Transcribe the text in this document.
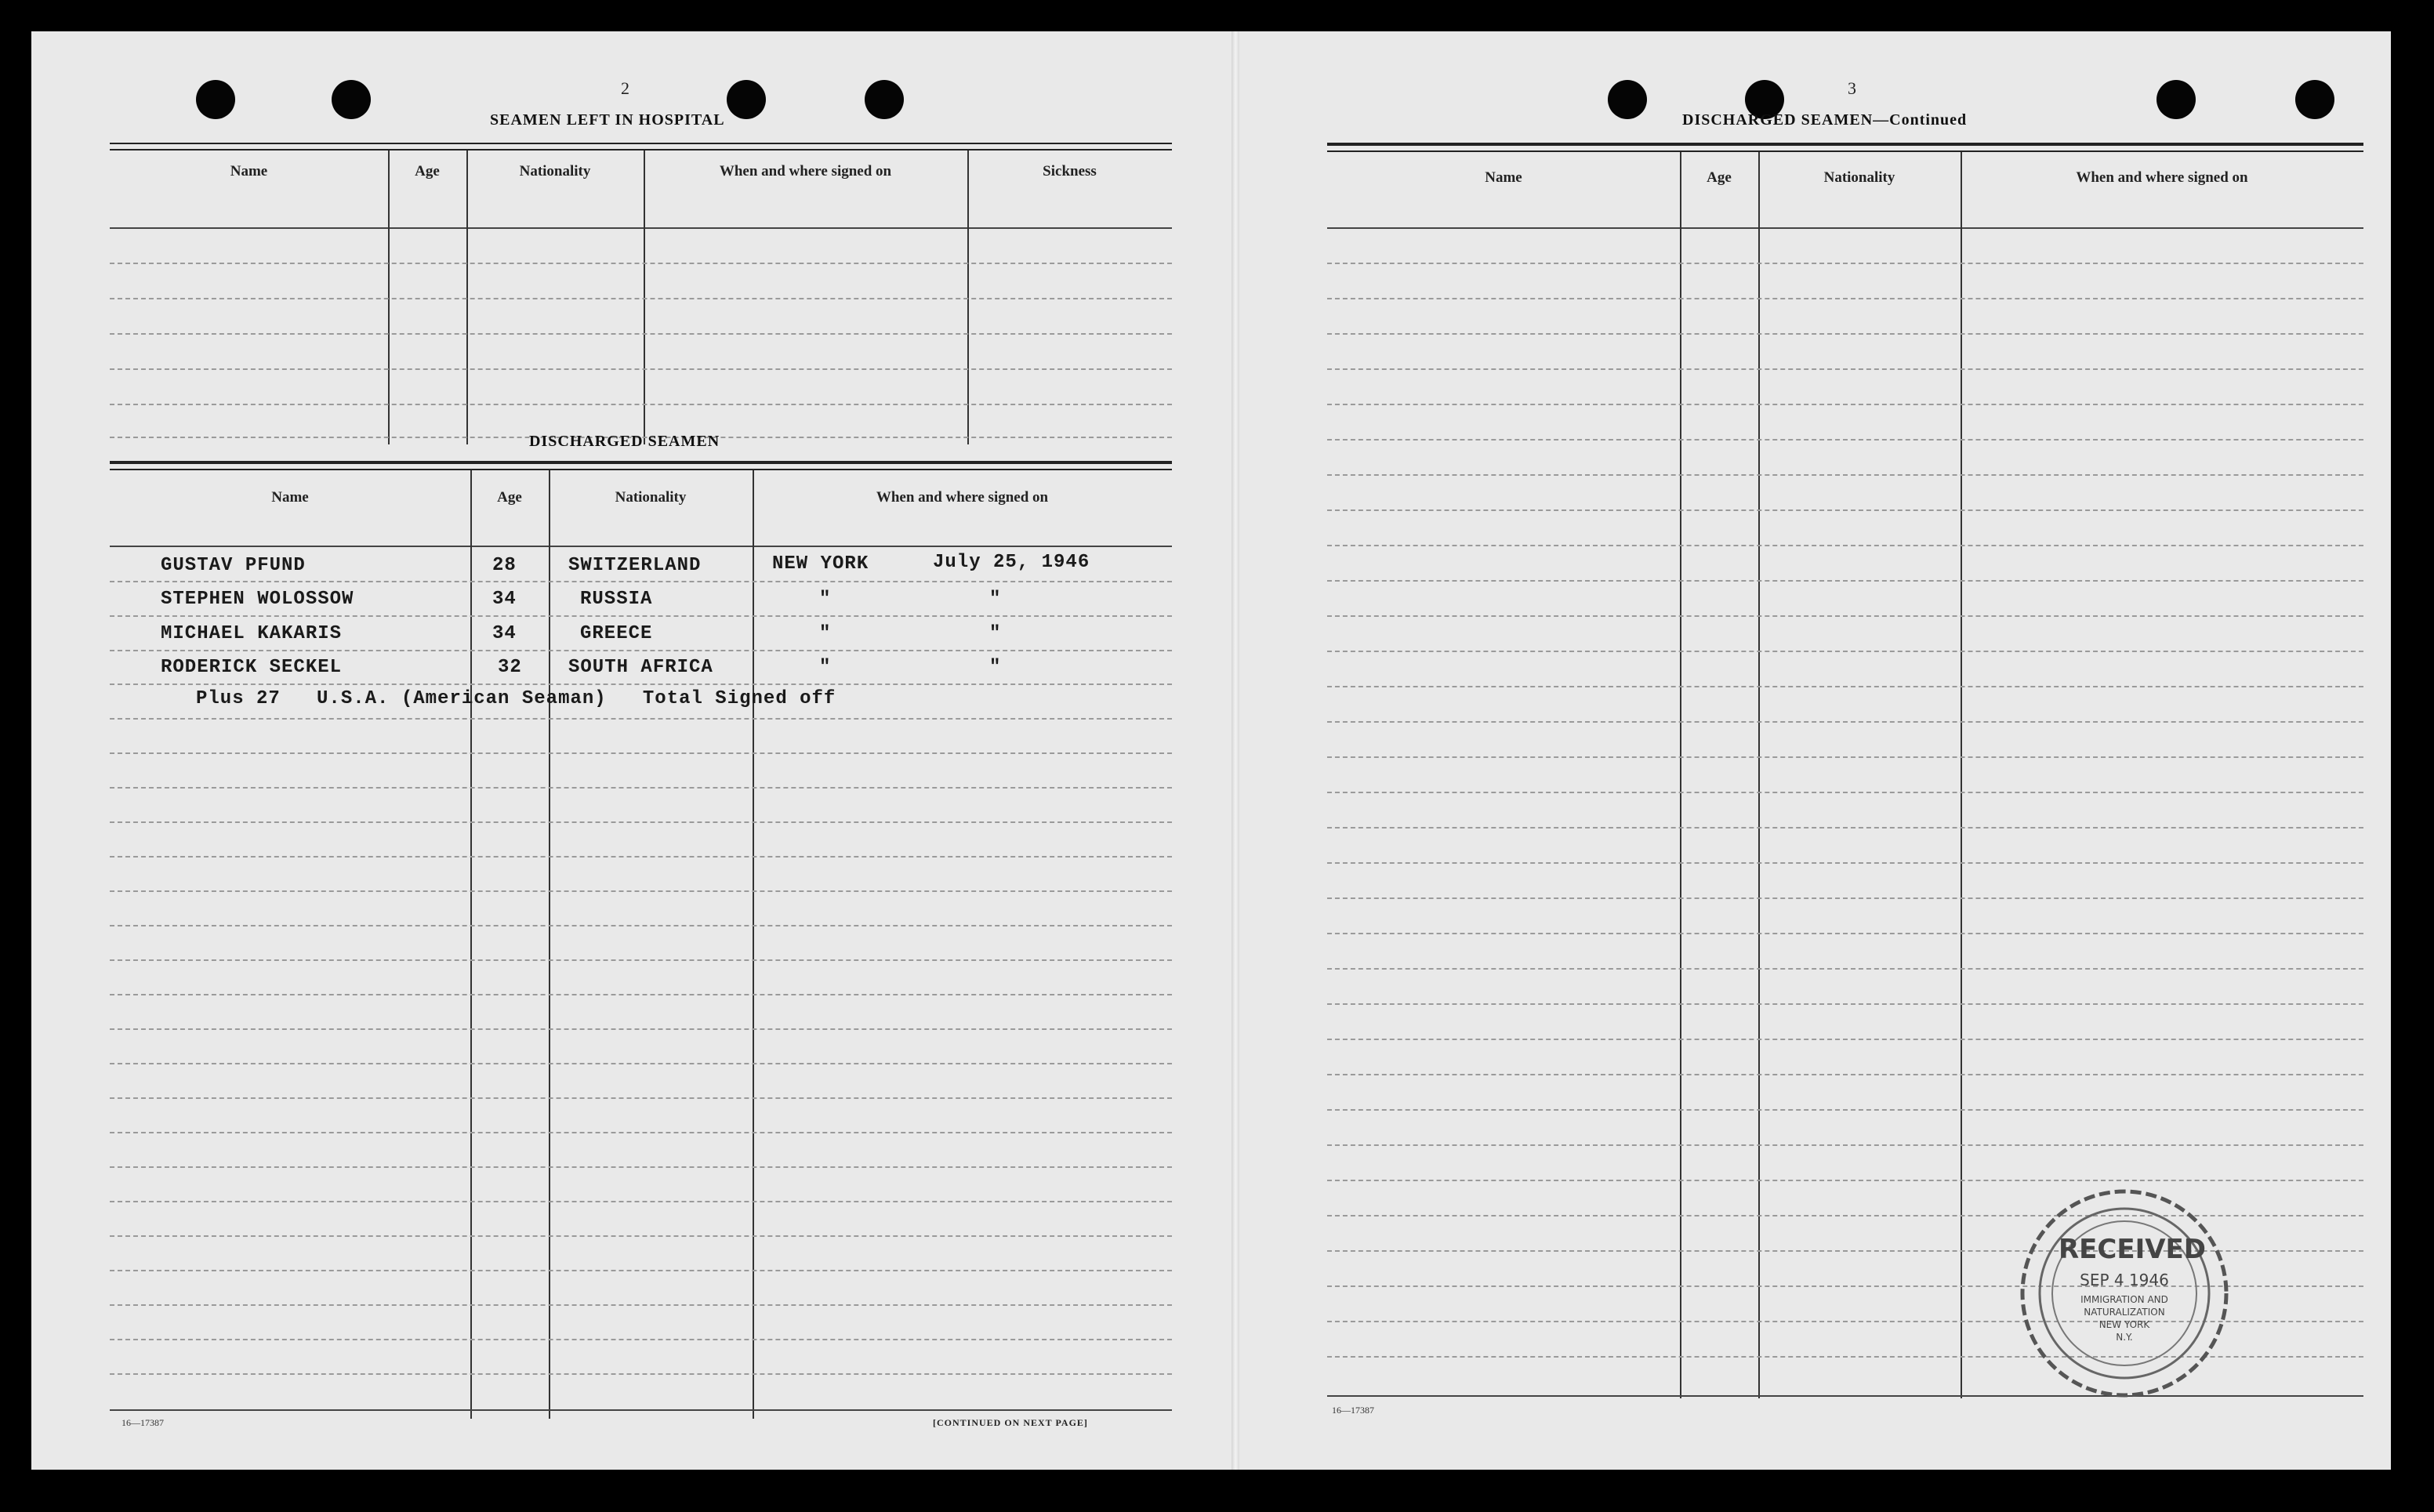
2
SEAMEN LEFT IN HOSPITAL
Name	Age	Nationality	When and where signed on	Sickness
DISCHARGED SEAMEN
Name	Age	Nationality	When and where signed on
GUSTAV PFUND	28	SWITZERLAND	NEW YORK	July 25, 1946
STEPHEN WOLOSSOW	34	RUSSIA	"	"
MICHAEL KAKARIS	34	GREECE	"	"
RODERICK SECKEL	32 SOUTH AFRICA	"	"
Plus 27   U.S.A. (American Seaman)   Total Signed off
16—17387	[CONTINUED ON NEXT PAGE]
3
DISCHARGED SEAMEN—Continued
Name	Age	Nationality	When and where signed on
16—17387
RECEIVED
SEP 4 1946
IMMIGRATION AND
NATURALIZATION
NEW YORK
N.Y.
